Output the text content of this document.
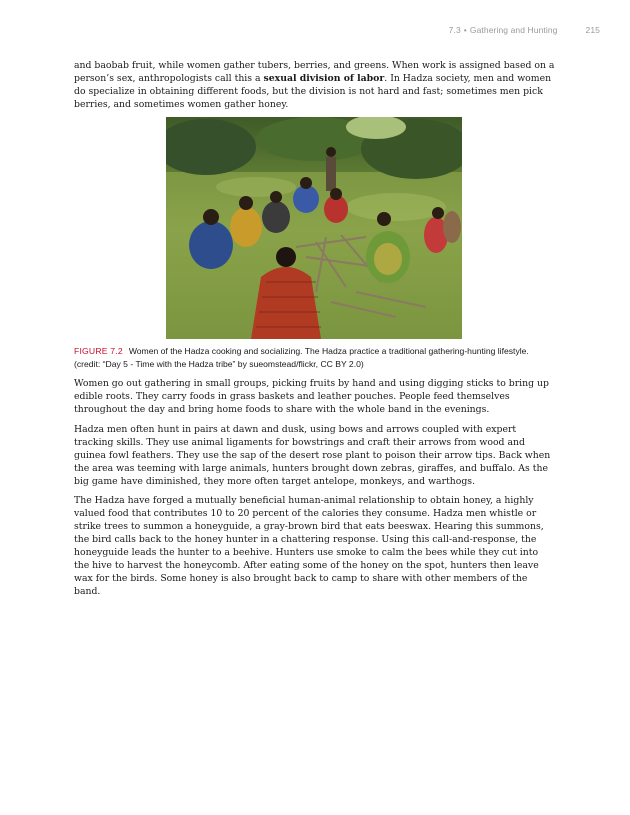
7.3 • Gathering and Hunting	215

and baobab fruit, while women gather tubers, berries, and greens. When work is assigned based on a person’s sex, anthropologists call this a sexual division of labor. In Hadza society, men and women do specialize in obtaining different foods, but the division is not hard and fast; sometimes men pick berries, and sometimes women gather honey.

FIGURE 7.2 Women of the Hadza cooking and socializing. The Hadza practice a traditional gathering-hunting lifestyle. (credit: “Day 5 - Time with the Hadza tribe” by sueomstead/flickr, CC BY 2.0)

Women go out gathering in small groups, picking fruits by hand and using digging sticks to bring up edible roots. They carry foods in grass baskets and leather pouches. People feed themselves throughout the day and bring home foods to share with the whole band in the evenings.

Hadza men often hunt in pairs at dawn and dusk, using bows and arrows coupled with expert tracking skills. They use animal ligaments for bowstrings and craft their arrows from wood and guinea fowl feathers. They use the sap of the desert rose plant to poison their arrow tips. Back when the area was teeming with large animals, hunters brought down zebras, giraffes, and buffalo. As the big game have diminished, they more often target antelope, monkeys, and warthogs.

The Hadza have forged a mutually beneficial human-animal relationship to obtain honey, a highly valued food that contributes 10 to 20 percent of the calories they consume. Hadza men whistle or strike trees to summon a honeyguide, a gray-brown bird that eats beeswax. Hearing this summons, the bird calls back to the honey hunter in a chattering response. Using this call-and-response, the honeyguide leads the hunter to a beehive. Hunters use smoke to calm the bees while they cut into the hive to harvest the honeycomb. After eating some of the honey on the spot, hunters then leave wax for the birds. Some honey is also brought back to camp to share with other members of the band.
